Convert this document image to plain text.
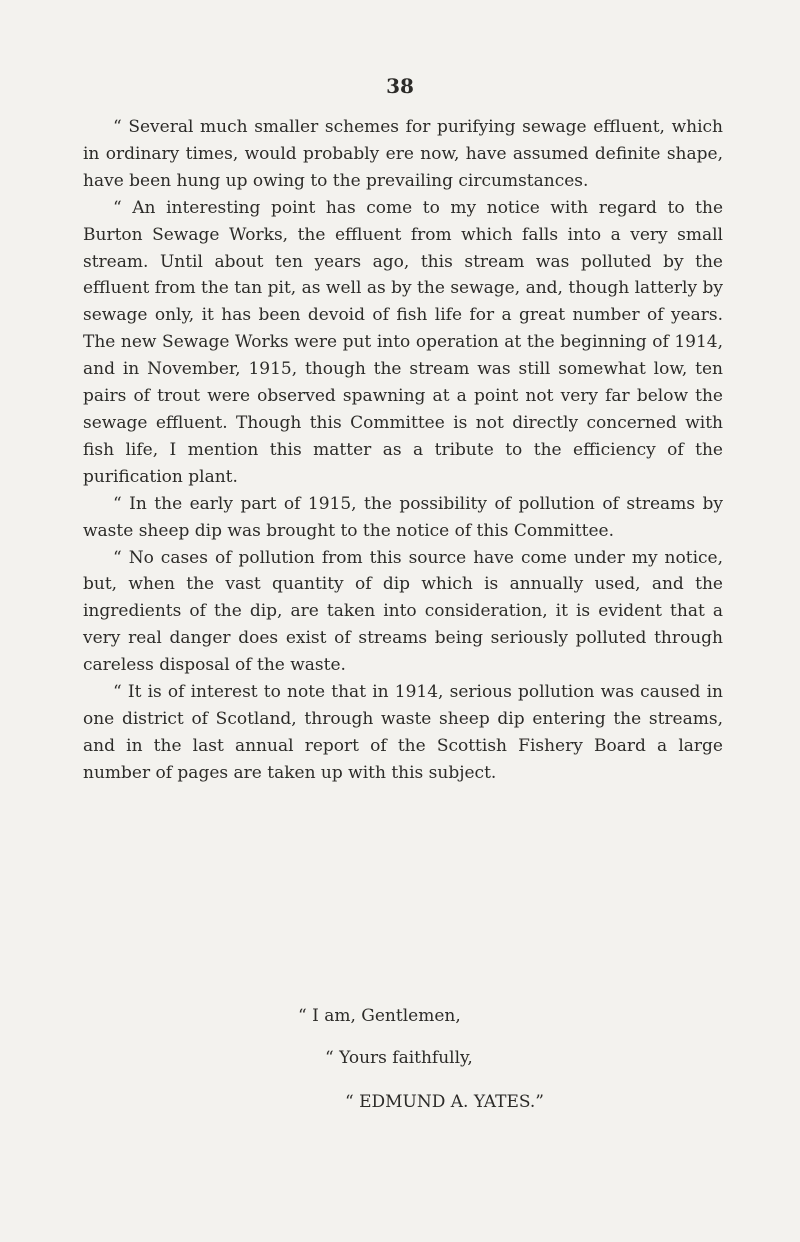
38

“ Several much smaller schemes for purifying sewage effluent, which in ordinary times, would probably ere now, have assumed definite shape, have been hung up owing to the prevailing circumstances.

“ An interesting point has come to my notice with regard to the Burton Sewage Works, the effluent from which falls into a very small stream. Until about ten years ago, this stream was polluted by the effluent from the tan pit, as well as by the sewage, and, though latterly by sewage only, it has been devoid of fish life for a great number of years. The new Sewage Works were put into operation at the beginning of 1914, and in November, 1915, though the stream was still somewhat low, ten pairs of trout were observed spawning at a point not very far below the sewage effluent. Though this Committee is not directly concerned with fish life, I mention this matter as a tribute to the efficiency of the purification plant.

“ In the early part of 1915, the possibility of pollution of streams by waste sheep dip was brought to the notice of this Committee.

“ No cases of pollution from this source have come under my notice, but, when the vast quantity of dip which is annually used, and the ingredients of the dip, are taken into consideration, it is evident that a very real danger does exist of streams being seriously polluted through careless disposal of the waste.

“ It is of interest to note that in 1914, serious pollution was caused in one district of Scotland, through waste sheep dip entering the streams, and in the last annual report of the Scottish Fishery Board a large number of pages are taken up with this subject.

“ I am, Gentlemen,
“ Yours faithfully,
“ EDMUND A. YATES.”
